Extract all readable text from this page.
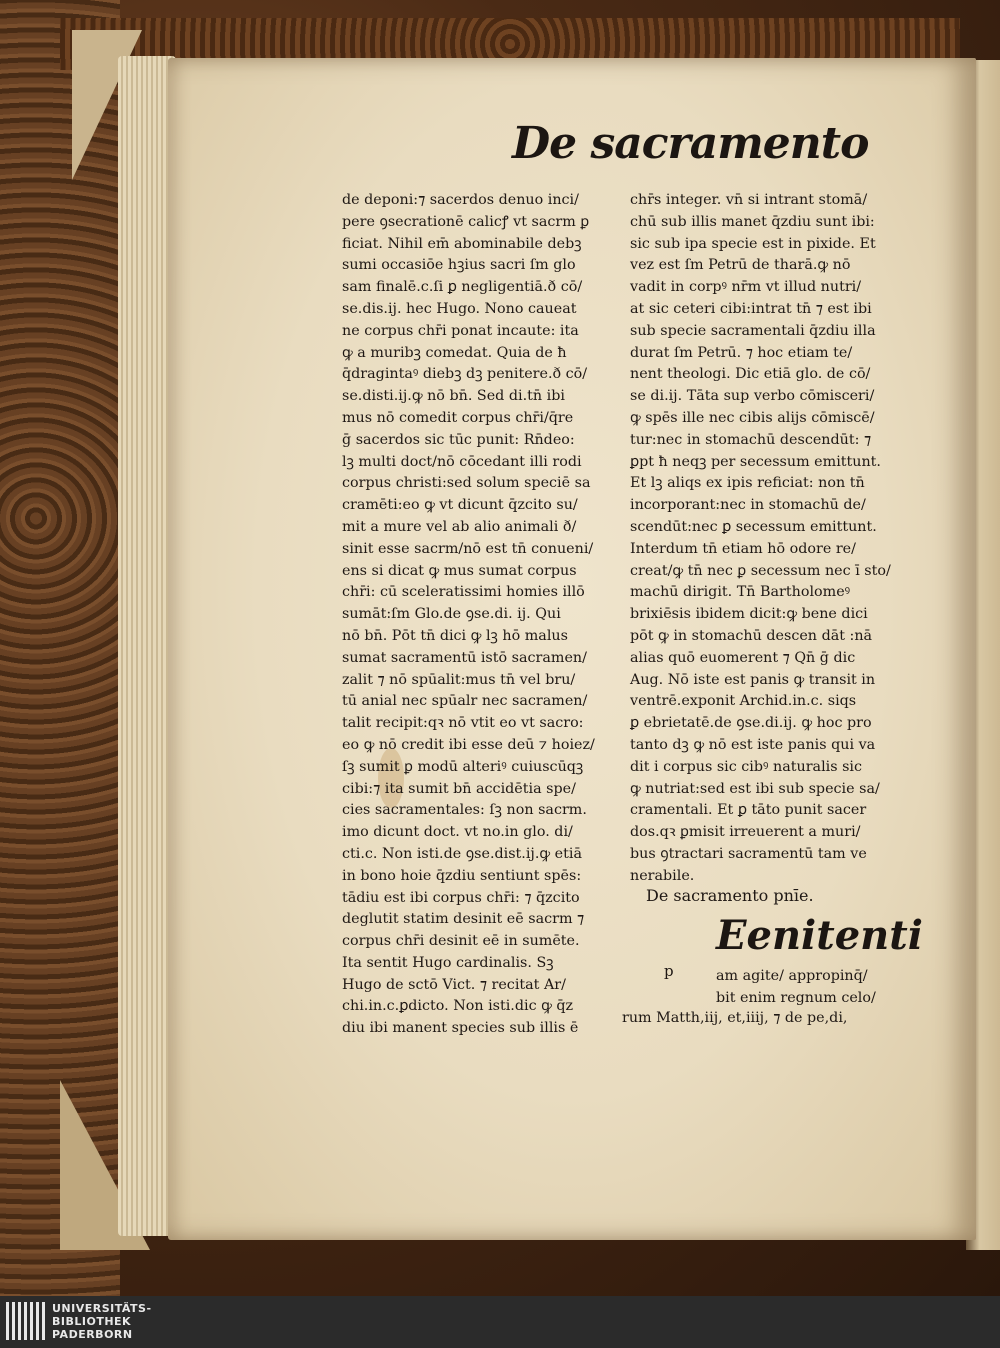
De sacramento
de deponi:⁊ sacerdos denuo inci/
pere ꝯsecrationē calicꝭ vt sacrm ꝑ
ficiat. Nihil em̄ abominabile debꝫ
sumi occasiōe hꝫius sacri ſm glo
sam finalē.c.ſi ꝑ negligentiā.ð cō/
se.dis.ij. hec Hugo. Nono caueat
ne corpus chr̄i ponat incaute: ita
ꝙ a muribꝫ comedat. Quia de ħ
q̄dragintaꝰ diebꝫ dꝫ penitere.ð cō/
se.disti.ij.ꝙ nō bn̄. Sed di.tn̄ ibi
mus nō comedit corpus chr̄i/q̄re
ḡ sacerdos sic tūc punit: Rn̄deo:
lꝫ multi doct/nō cōcedant illi rodi
corpus christi:sed solum speciē sa
cramēti:eo ꝙ vt dicunt q̄zcito su/
mit a mure vel ab alio animali ð/
sinit esse sacrm/nō est tn̄ conueni/
ens si dicat ꝙ mus sumat corpus
chr̄i: cū sceleratissimi homies illō
sumāt:ſm Glo.de ꝯse.di. ij. Qui
nō bn̄. Pōt tn̄ dici ꝙ lꝫ hō malus
sumat sacramentū istō sacramen/
zalit ⁊ nō spūalit:mus tn̄ vel bru/
tū anial nec spūalr nec sacramen/
talit recipit:qꝛ nō vtit eo vt sacro:
eo ꝙ nō credit ibi esse deū ⁊ hoiez/
ſꝫ sumit ꝑ modū alteriꝰ cuiuscūqꝫ
cibi:⁊ ita sumit bn̄ accidētia spe/
cies sacramentales: ſꝫ non sacrm.
imo dicunt doct. vt no.in glo. di/
cti.c. Non isti.de ꝯse.dist.ij.ꝙ etiā
in bono hoie q̄zdiu sentiunt spēs:
tādiu est ibi corpus chr̄i: ⁊ q̄zcito
deglutit statim desinit eē sacrm ⁊
corpus chr̄i desinit eē in sumēte.
Ita sentit Hugo cardinalis. Sꝫ
Hugo de sctō Vict. ⁊ recitat Ar/
chi.in.c.ꝑdicto. Non isti.dic ꝙ q̄z
diu ibi manent species sub illis ē
chr̄s integer. vn̄ si intrant stomā/
chū sub illis manet q̄zdiu sunt ibi:
sic sub ipa specie est in pixide. Et
vez est ſm Petrū de tharā.ꝙ nō
vadit in corpꝰ nr̄m vt illud nutri/
at sic ceteri cibi:intrat tn̄ ⁊ est ibi
sub specie sacramentali q̄zdiu illa
durat ſm Petrū. ⁊ hoc etiam te/
nent theologi. Dic etiā glo. de cō/
se di.ij. Tāta sup verbo cōmisceri/
ꝙ spēs ille nec cibis alijs cōmiscē/
tur:nec in stomachū descendūt: ⁊
ꝑpt ħ neqꝫ per secessum emittunt.
Et lꝫ aliqs ex ipis reficiat: non tn̄
incorporant:nec in stomachū de/
scendūt:nec ꝑ secessum emittunt.
Interdum tn̄ etiam hō odore re/
creat/ꝙ tn̄ nec ꝑ secessum nec ī sto/
machū dirigit. Tn̄ Bartholomeꝰ
brixiēsis ibidem dicit:ꝙ bene dici
pōt ꝙ in stomachū descen dāt :nā
alias quō euomerent ⁊ Qn̄ ḡ dic
Aug. Nō iste est panis ꝙ transit in
ventrē.exponit Archid.in.c. siqs
ꝑ ebrietatē.de ꝯse.di.ij. ꝙ hoc pro
tanto dꝫ ꝙ nō est iste panis qui va
dit i corpus sic cibꝰ naturalis sic
ꝙ nutriat:sed est ibi sub specie sa/
cramentali. Et ꝑ tāto punit sacer
dos.qꝛ ꝑmisit irreuerent a muri/
bus ꝯtractari sacramentū tam ve
nerabile.
De sacramento pnīe.
Eenitenti
p	am agite/ appropinq̄/
bit enim regnum celo/
rum Matth,iij, et,iiij, ⁊ de pe,di,
UNIVERSITÄTS-
BIBLIOTHEK
PADERBORN
